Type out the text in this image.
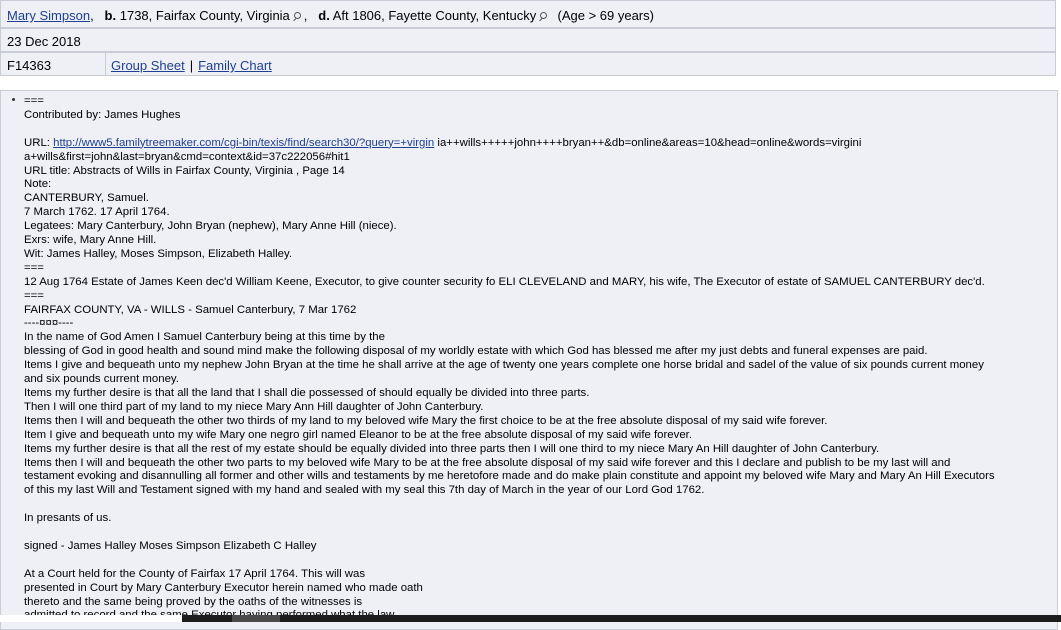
Mary Simpson, b. 1738, Fairfax County, Virginia ,   d. Aft 1806, Fayette County, Kentucky (Age > 69 years)
23 Dec 2018
F14363	Group Sheet | Family Chart
===
Contributed by: James Hughes
URL: http://www5.familytreemaker.com/cgi-bin/texis/find/search30/?query=+virgin ia++wills+++++john++++bryan++&db=online&areas=10&head=online&words=virgini
a+wills&first=john&last=bryan&cmd=context&id=37c222056#hit1
URL title: Abstracts of Wills in Fairfax County, Virginia , Page 14
Note:
CANTERBURY, Samuel.
7 March 1762. 17 April 1764.
Legatees: Mary Canterbury, John Bryan (nephew), Mary Anne Hill (niece).
Exrs: wife, Mary Anne Hill.
Wit: James Halley, Moses Simpson, Elizabeth Halley.
===
12 Aug 1764 Estate of James Keen dec'd William Keene, Executor, to give counter security fo ELI CLEVELAND and MARY, his wife, The Executor of estate of SAMUEL CANTERBURY dec'd.
===
FAIRFAX COUNTY, VA - WILLS - Samuel Canterbury, 7 Mar 1762
----¤¤¤----
In the name of God Amen I Samuel Canterbury being at this time by the
blessing of God in good health and sound mind make the following disposal of my worldly estate with which God has blessed me after my just debts and funeral expenses are paid.
Items I give and bequeath unto my nephew John Bryan at the time he shall arrive at the age of twenty one years complete one horse bridal and sadel of the value of six pounds current money
and six pounds current money.
Items my further desire is that all the land that I shall die possessed of should equally be divided into three parts.
Then I will one third part of my land to my niece Mary Ann Hill daughter of John Canterbury.
Items then I will and bequeath the other two thirds of my land to my beloved wife Mary the first choice to be at the free absolute disposal of my said wife forever.
Item I give and bequeath unto my wife Mary one negro girl named Eleanor to be at the free absolute disposal of my said wife forever.
Items my further desire is that all the rest of my estate should be equally divided into three parts then I will one third to my niece Mary An Hill daughter of John Canterbury.
Items then I will and bequeath the other two parts to my beloved wife Mary to be at the free absolute disposal of my said wife forever and this I declare and publish to be my last will and
testament evoking and disannulling all former and other wills and testaments by me heretofore made and do make plain constitute and appoint my beloved wife Mary and Mary An Hill Executors
of this my last Will and Testament signed with my hand and sealed with my seal this 7th day of March in the year of our Lord God 1762.
In presants of us.
signed - James Halley Moses Simpson Elizabeth C Halley
At a Court held for the County of Fairfax 17 April 1764. This will was
presented in Court by Mary Canterbury Executor herein named who made oath
thereto and the same being proved by the oaths of the witnesses is
